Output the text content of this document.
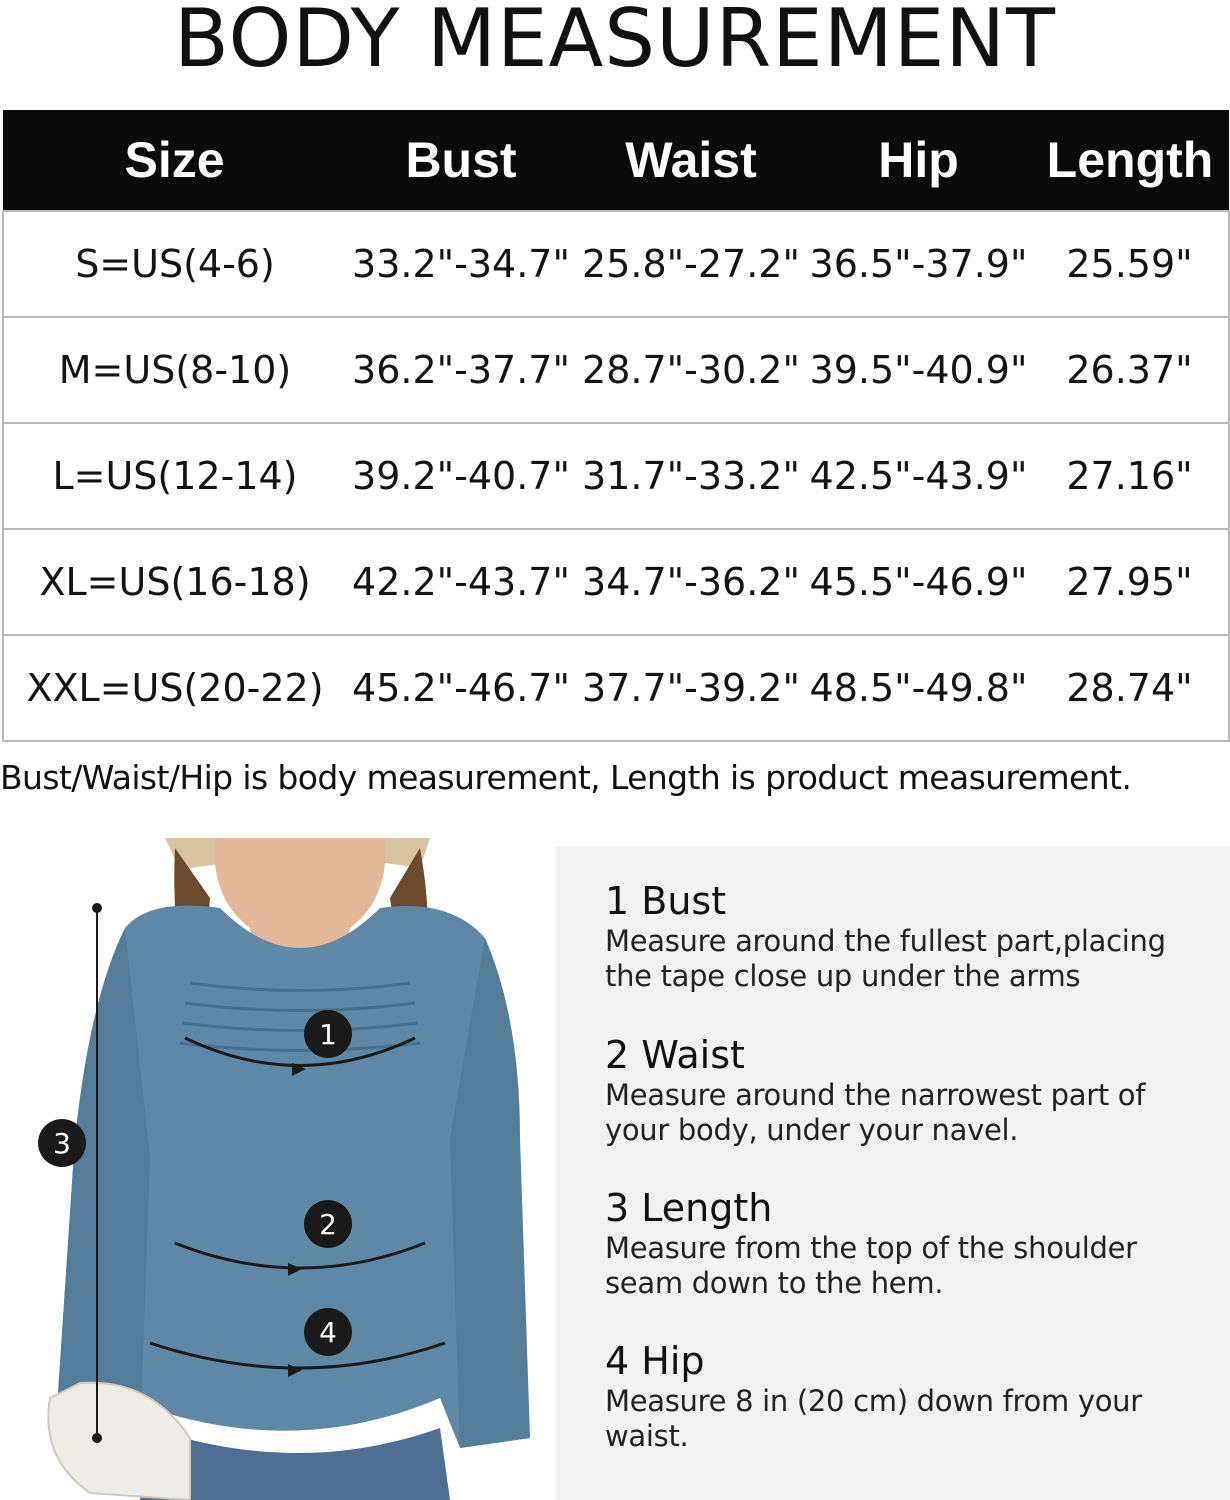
BODY MEASUREMENT
Size	Bust	Waist	Hip	Length
S=US(4-6)	33.2"-34.7"	25.8"-27.2"	36.5"-37.9"	25.59"
M=US(8-10)	36.2"-37.7"	28.7"-30.2"	39.5"-40.9"	26.37"
L=US(12-14)	39.2"-40.7"	31.7"-33.2"	42.5"-43.9"	27.16"
XL=US(16-18)	42.2"-43.7"	34.7"-36.2"	45.5"-46.9"	27.95"
XXL=US(20-22)	45.2"-46.7"	37.7"-39.2"	48.5"-49.8"	28.74"
Bust/Waist/Hip is body measurement, Length is product measurement.
1
2
3
4
1 Bust
Measure around the fullest part,placing
the tape close up under the arms
2 Waist
Measure around the narrowest part of
your body, under your navel.
3 Length
Measure from the top of the shoulder
seam down to the hem.
4 Hip
Measure 8 in (20 cm) down from your
waist.
